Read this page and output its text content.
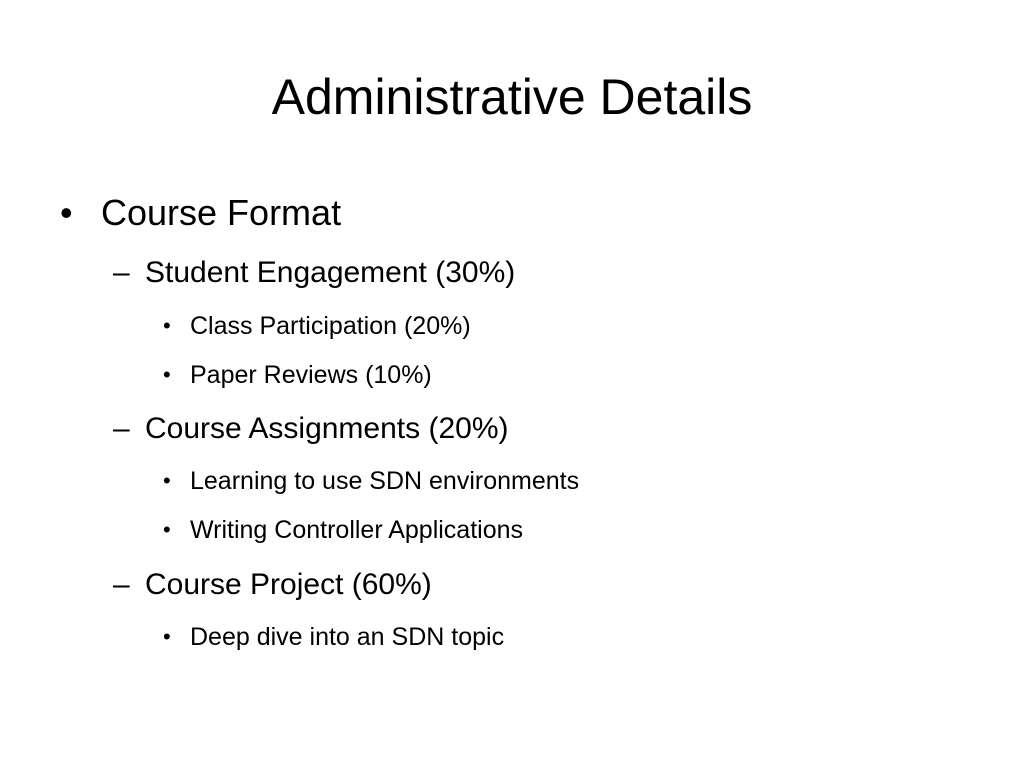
Administrative Details
• Course Format
– Student Engagement (30%)
• Class Participation (20%)
• Paper Reviews (10%)
– Course Assignments (20%)
• Learning to use SDN environments
• Writing Controller Applications
– Course Project (60%)
• Deep dive into an SDN topic
